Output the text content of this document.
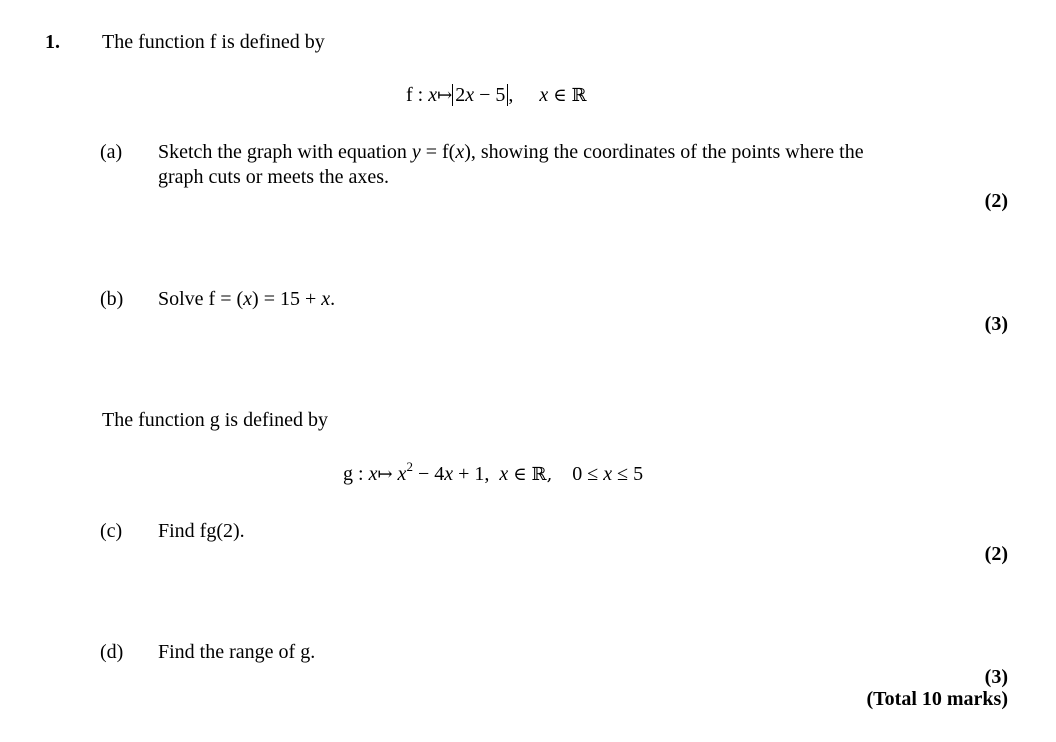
1. The function f is defined by
f : x↦ 2x − 5 , x ∈ ℝ
(a) Sketch the graph with equation y = f(x), showing the coordinates of the points where the
graph cuts or meets the axes.
(2)
(b) Solve f = (x) = 15 + x.
(3)
The function g is defined by
g : x↦ $x^2 - 4x + 1$, x ∈ ℝ, 0 ≤ x ≤ 5
(c) Find fg(2).
(2)
(d) Find the range of g.
(3)
(Total 10 marks)
